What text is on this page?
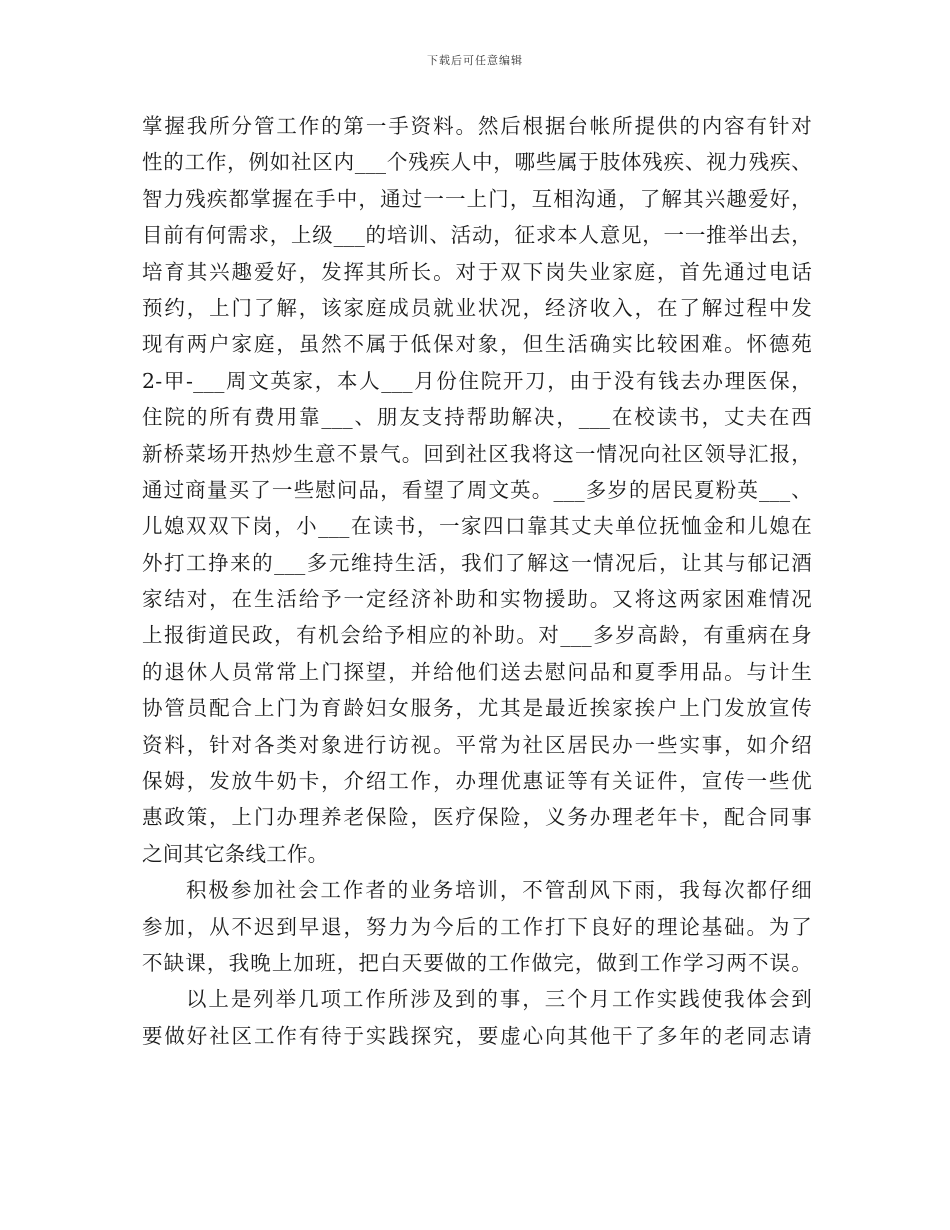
下载后可任意编辑
掌握我所分管工作的第一手资料。然后根据台帐所提供的内容有针对
性的工作，例如社区内___个残疾人中，哪些属于肢体残疾、视力残疾、
智力残疾都掌握在手中，通过一一上门，互相沟通，了解其兴趣爱好，
目前有何需求，上级___的培训、活动，征求本人意见，一一推举出去，
培育其兴趣爱好，发挥其所长。对于双下岗失业家庭，首先通过电话
预约，上门了解，该家庭成员就业状况，经济收入，在了解过程中发
现有两户家庭，虽然不属于低保对象，但生活确实比较困难。怀德苑
2-甲-___周文英家，本人___月份住院开刀，由于没有钱去办理医保，
住院的所有费用靠___、朋友支持帮助解决，___在校读书，丈夫在西
新桥菜场开热炒生意不景气。回到社区我将这一情况向社区领导汇报，
通过商量买了一些慰问品，看望了周文英。___多岁的居民夏粉英___、
儿媳双双下岗，小___在读书，一家四口靠其丈夫单位抚恤金和儿媳在
外打工挣来的___多元维持生活，我们了解这一情况后，让其与郁记酒
家结对，在生活给予一定经济补助和实物援助。又将这两家困难情况
上报街道民政，有机会给予相应的补助。对___多岁高龄，有重病在身
的退休人员常常上门探望，并给他们送去慰问品和夏季用品。与计生
协管员配合上门为育龄妇女服务，尤其是最近挨家挨户上门发放宣传
资料，针对各类对象进行访视。平常为社区居民办一些实事，如介绍
保姆，发放牛奶卡，介绍工作，办理优惠证等有关证件，宣传一些优
惠政策，上门办理养老保险，医疗保险，义务办理老年卡，配合同事
之间其它条线工作。
积极参加社会工作者的业务培训，不管刮风下雨，我每次都仔细
参加，从不迟到早退，努力为今后的工作打下良好的理论基础。为了
不缺课，我晚上加班，把白天要做的工作做完，做到工作学习两不误。
以上是列举几项工作所涉及到的事，三个月工作实践使我体会到
要做好社区工作有待于实践探究，要虚心向其他干了多年的老同志请
